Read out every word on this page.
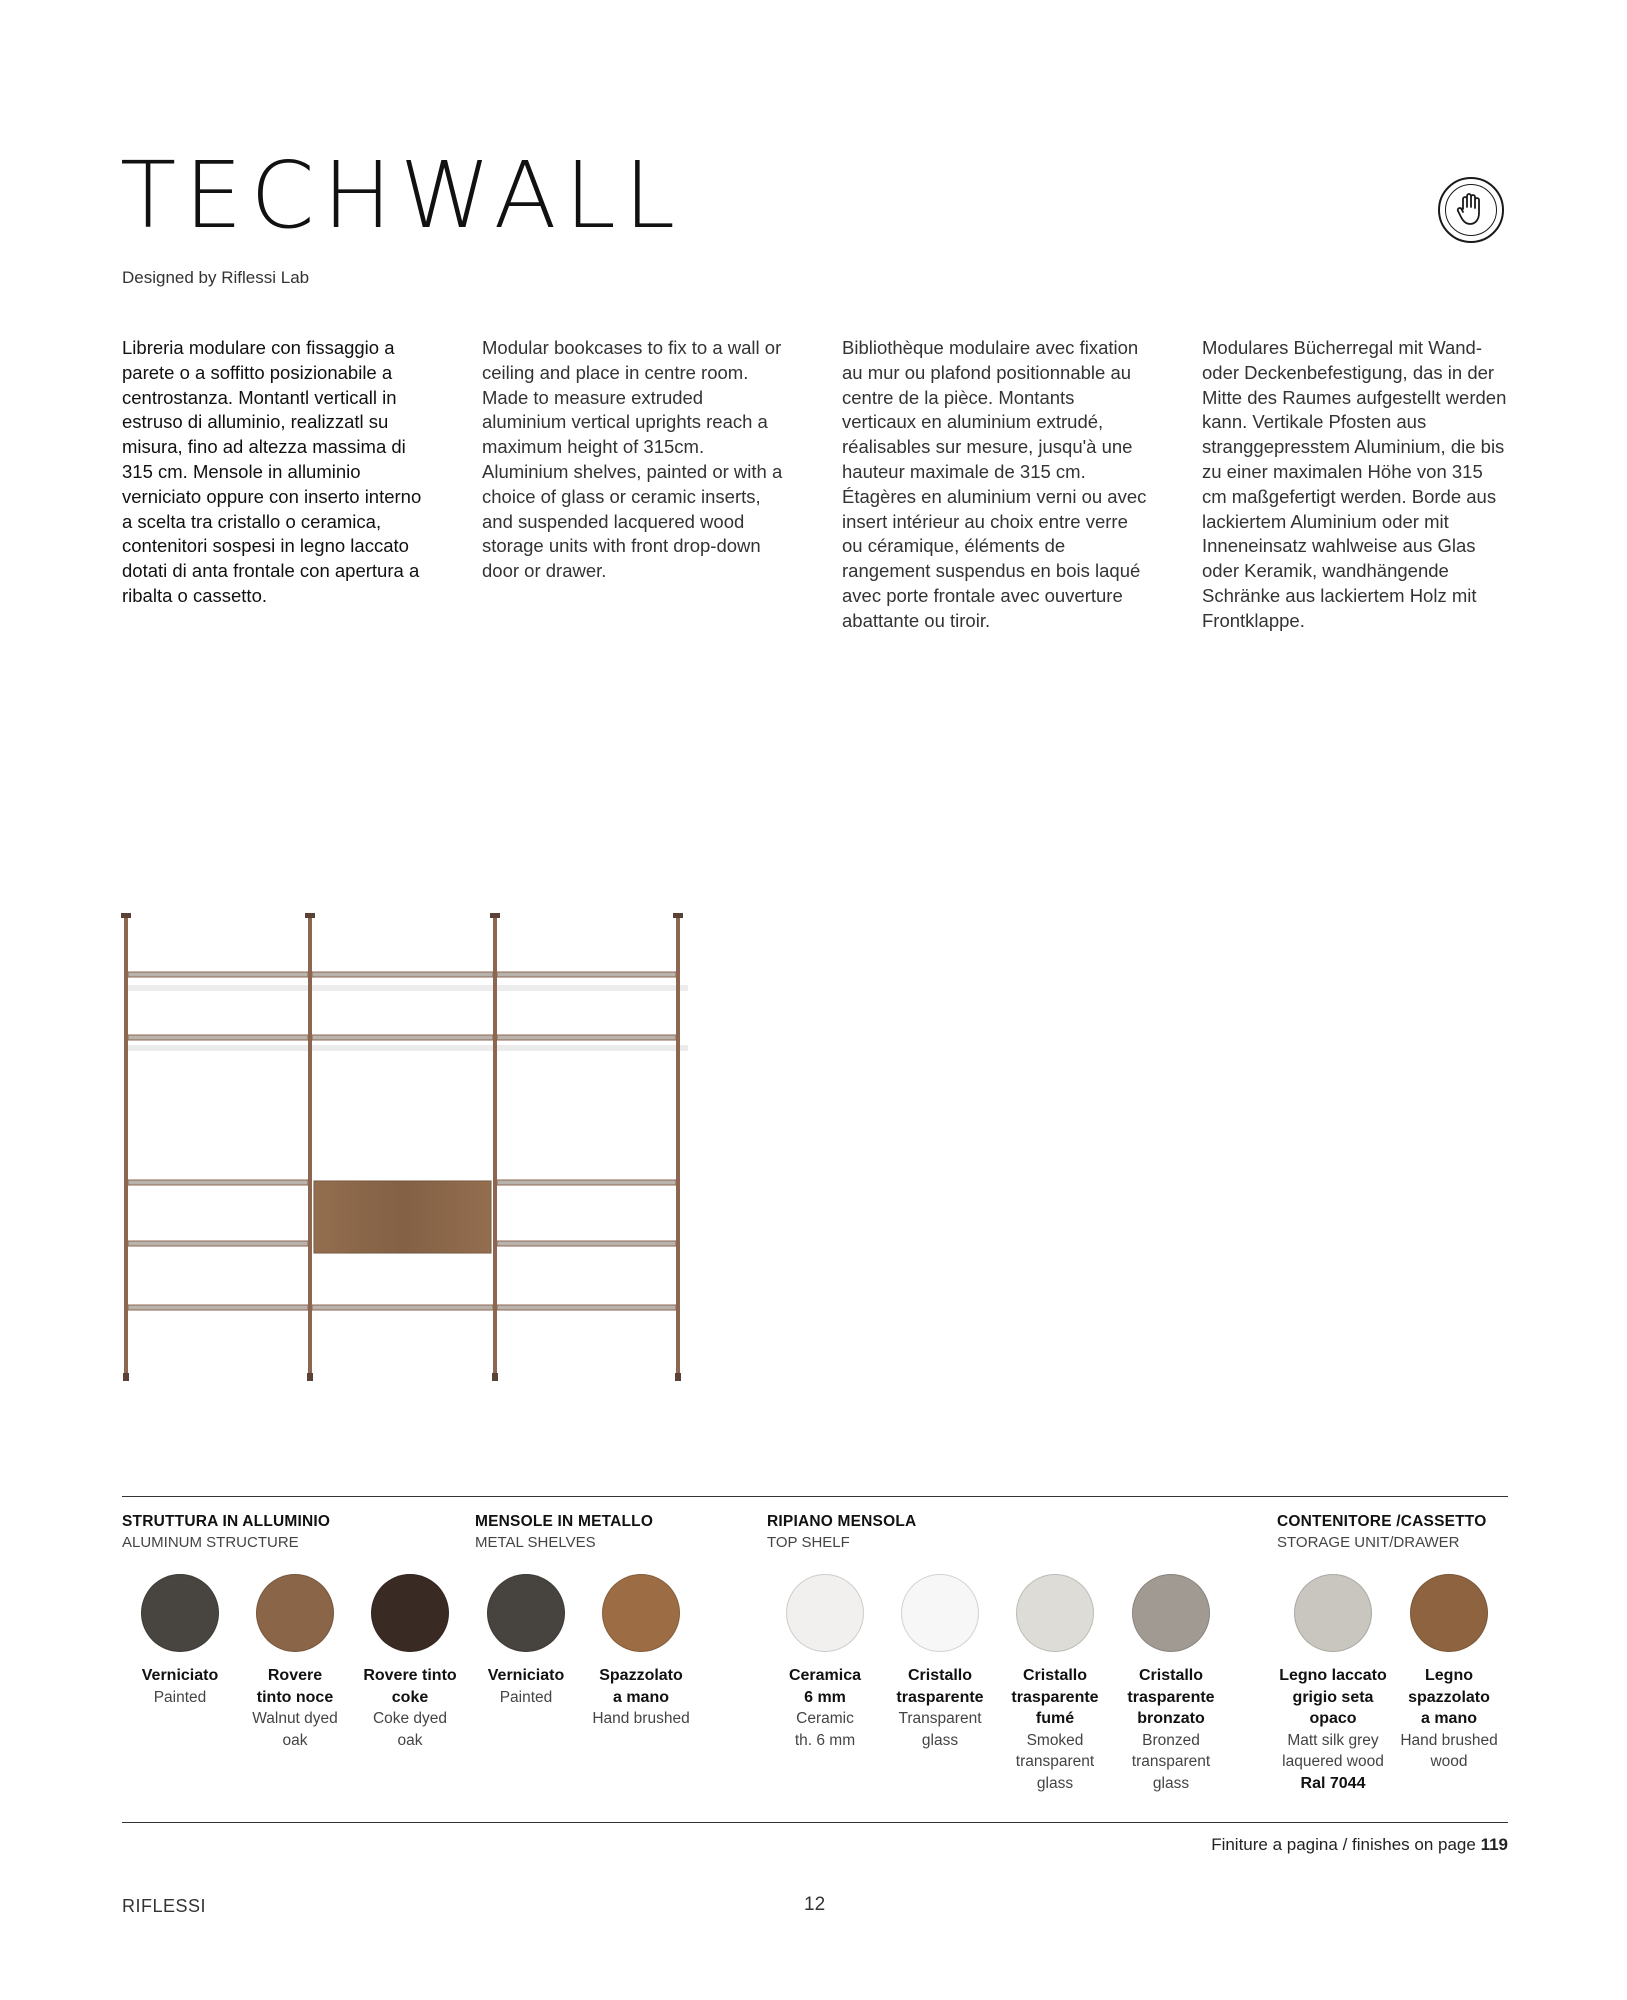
TECHWALL
Designed by Riflessi Lab
Libreria modulare con fissaggio a parete o a soffitto posizionabile a centrostanza. Montantl verticall in estruso di alluminio, realizzatl su misura, fino ad altezza massima di 315 cm. Mensole in alluminio verniciato oppure con inserto interno a scelta tra cristallo o ceramica, contenitori sospesi in legno laccato dotati di anta frontale con apertura a ribalta o cassetto.
Modular bookcases to fix to a wall or ceiling and place in centre room. Made to measure extruded aluminium vertical uprights reach a maximum height of 315cm. Aluminium shelves, painted or with a choice of glass or ceramic inserts, and suspended lacquered wood storage units with front drop-down door or drawer.
Bibliothèque modulaire avec fixation au mur ou plafond positionnable au centre de la pièce. Montants verticaux en aluminium extrudé, réalisables sur mesure, jusqu'à une hauteur maximale de 315 cm. Étagères en aluminium verni ou avec insert intérieur au choix entre verre ou céramique, éléments de rangement suspendus en bois laqué avec porte frontale avec ouverture abattante ou tiroir.
Modulares Bücherregal mit Wand- oder Deckenbefestigung, das in der Mitte des Raumes aufgestellt werden kann. Vertikale Pfosten aus stranggepresstem Aluminium, die bis zu einer maximalen Höhe von 315 cm maßgefertigt werden. Borde aus lackiertem Aluminium oder mit Inneneinsatz wahlweise aus Glas oder Keramik, wandhängende Schränke aus lackiertem Holz mit Frontklappe.
STRUTTURA IN ALLUMINIO
ALUMINUM STRUCTURE
MENSOLE IN METALLO
METAL SHELVES
RIPIANO MENSOLA
TOP SHELF
CONTENITORE /CASSETTO
STORAGE UNIT/DRAWER
Verniciato
Painted
Rovere tinto noce
Walnut dyed oak
Rovere tinto coke
Coke dyed oak
Verniciato
Painted
Spazzolato a mano
Hand brushed
Ceramica 6 mm
Ceramic th. 6 mm
Cristallo trasparente
Transparent glass
Cristallo trasparente fumé
Smoked transparent glass
Cristallo trasparente bronzato
Bronzed transparent glass
Legno laccato grigio seta opaco
Matt silk grey laquered wood
Ral 7044
Legno spazzolato a mano
Hand brushed wood
Finiture a pagina / finishes on page 119
RIFLESSI	12
